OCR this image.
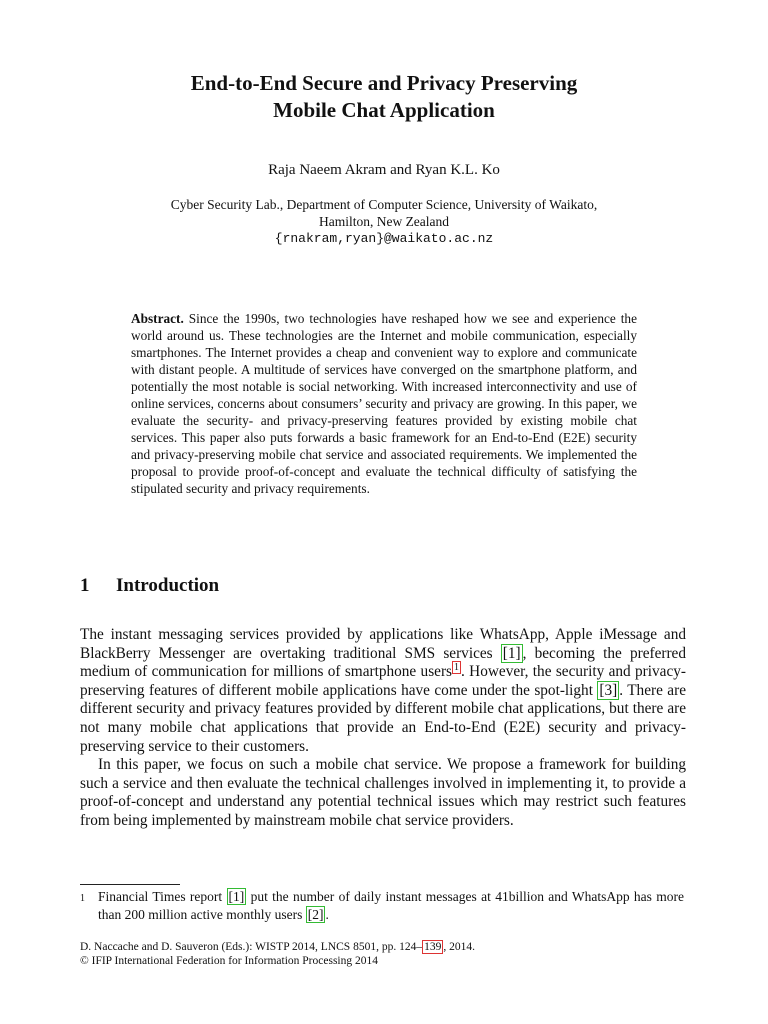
End-to-End Secure and Privacy Preserving
Mobile Chat Application
Raja Naeem Akram and Ryan K.L. Ko
Cyber Security Lab., Department of Computer Science, University of Waikato,
Hamilton, New Zealand
{rnakram,ryan}@waikato.ac.nz
Abstract. Since the 1990s, two technologies have reshaped how we see and experience the world around us. These technologies are the Internet and mobile communication, especially smartphones. The Internet provides a cheap and convenient way to explore and communicate with distant people. A multitude of services have converged on the smartphone platform, and potentially the most notable is social networking. With increased interconnectivity and use of online services, concerns about consumers’ security and privacy are growing. In this paper, we evaluate the security- and privacy-preserving features provided by existing mobile chat services. This paper also puts forwards a basic framework for an End-to-End (E2E) security and privacy-preserving mobile chat service and associated requirements. We implemented the proposal to provide proof-of-concept and evaluate the technical difficulty of satisfying the stipulated security and privacy requirements.
1 Introduction

The instant messaging services provided by applications like WhatsApp, Apple iMessage and BlackBerry Messenger are overtaking traditional SMS services [1] , becoming the preferred medium of communication for millions of smartphone users $^1$ . However, the security and privacy-preserving features of different mobile applications have come under the spot-light [3] . There are different security and privacy features provided by different mobile chat applications, but there are not many mobile chat applications that provide an End-to-End (E2E) security and privacy-preserving service to their customers.

In this paper, we focus on such a mobile chat service. We propose a framework for building such a service and then evaluate the technical challenges involved in implementing it, to provide a proof-of-concept and understand any potential technical issues which may restrict such features from being implemented by mainstream mobile chat service providers.

1 Financial Times report [1] put the number of daily instant messages at 41billion and WhatsApp has more than 200 million active monthly users [2] .
D. Naccache and D. Sauveron (Eds.): WISTP 2014, LNCS 8501, pp. 124– 139 , 2014.
© IFIP International Federation for Information Processing 2014
